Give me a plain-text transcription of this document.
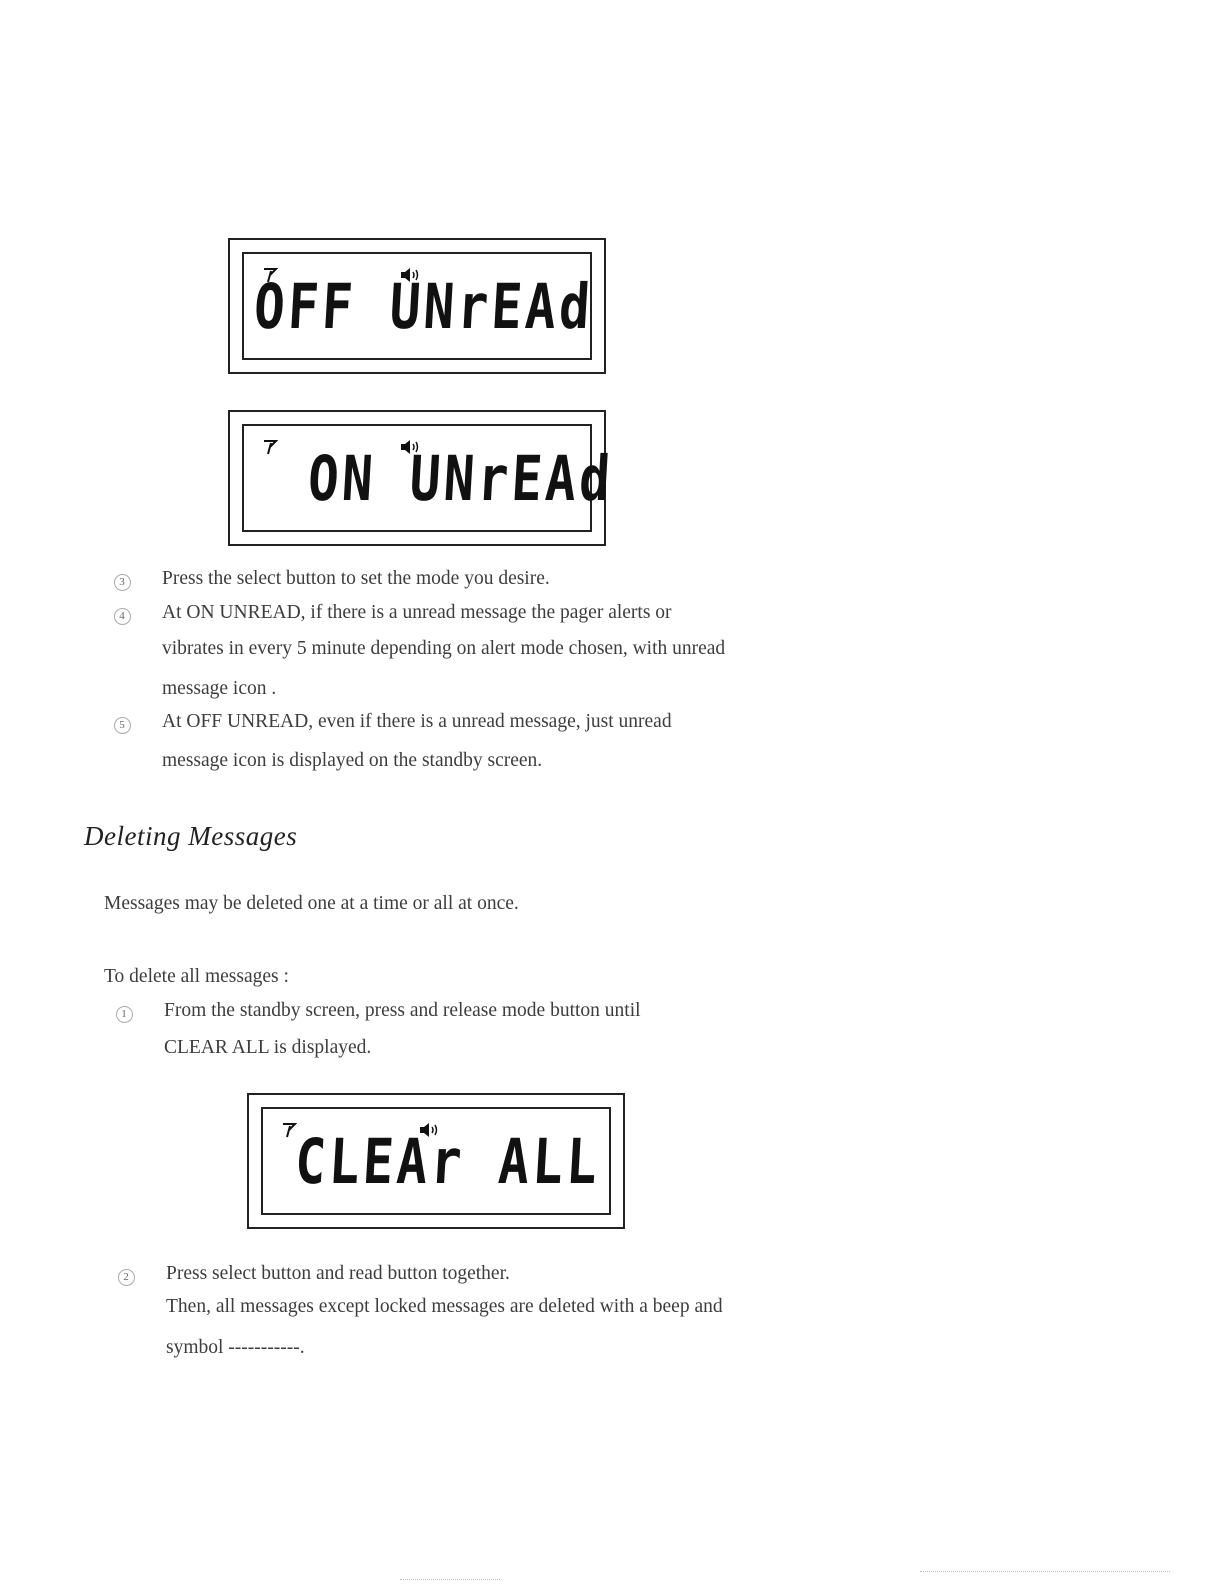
OFF UNrEAd
ON UNrEAd
3	Press the select button to set the mode you desire.
4	At ON UNREAD, if there is a unread message the pager alerts or
vibrates in every 5 minute depending on alert mode chosen, with unread
message icon .
5	At OFF UNREAD, even if there is a unread message, just unread
message icon is displayed on the standby screen.
Deleting Messages
Messages may be deleted one at a time or all at once.
To delete all messages :
1	From the standby screen, press and release mode button until
CLEAR ALL is displayed.
CLEAr ALL
2	Press select button and read button together.
Then, all messages except locked messages are deleted with a beep and
symbol -----------.
